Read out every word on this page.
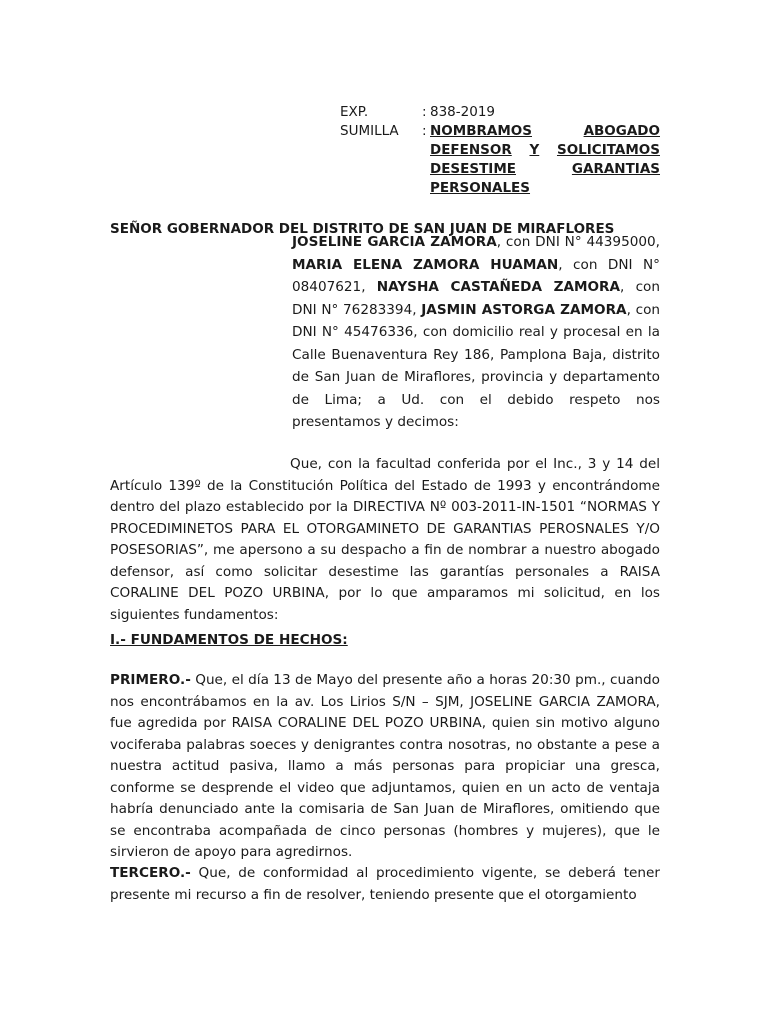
EXP.	: 838-2019
SUMILLA	: NOMBRAMOS	ABOGADO
DEFENSOR Y SOLICITAMOS
DESESTIME	GARANTIAS
PERSONALES
SEÑOR GOBERNADOR DEL DISTRITO DE SAN JUAN DE MIRAFLORES
JOSELINE GARCIA ZAMORA, con DNI N° 44395000, MARIA ELENA ZAMORA HUAMAN, con DNI N° 08407621, NAYSHA CASTAÑEDA ZAMORA, con DNI N° 76283394, JASMIN ASTORGA ZAMORA, con DNI N° 45476336, con domicilio real y procesal en la Calle Buenaventura Rey 186, Pamplona Baja, distrito de San Juan de Miraflores, provincia y departamento de Lima; a Ud. con el debido respeto nos presentamos y decimos:
Que, con la facultad conferida por el Inc., 3 y 14 del Artículo 139º de la Constitución Política del Estado de 1993 y encontrándome dentro del plazo establecido por la DIRECTIVA Nº 003-2011-IN-1501 “NORMAS Y PROCEDIMINETOS PARA EL OTORGAMINETO DE GARANTIAS PEROSNALES Y/O POSESORIAS”, me apersono a su despacho a fin de nombrar a nuestro abogado defensor, así como solicitar desestime las garantías personales a RAISA CORALINE DEL POZO URBINA, por lo que amparamos mi solicitud, en los siguientes fundamentos:
I.- FUNDAMENTOS DE HECHOS:
PRIMERO.- Que, el día 13 de Mayo del presente año a horas 20:30 pm., cuando nos encontrábamos en la av. Los Lirios S/N – SJM, JOSELINE GARCIA ZAMORA, fue agredida por RAISA CORALINE DEL POZO URBINA, quien sin motivo alguno vociferaba palabras soeces y denigrantes contra nosotras, no obstante a pese a nuestra actitud pasiva, llamo a más personas para propiciar una gresca, conforme se desprende el video que adjuntamos, quien en un acto de ventaja habría denunciado ante la comisaria de San Juan de Miraflores, omitiendo que se encontraba acompañada de cinco personas (hombres y mujeres), que le sirvieron de apoyo para agredirnos.
TERCERO.- Que, de conformidad al procedimiento vigente, se deberá tener presente mi recurso a fin de resolver, teniendo presente que el otorgamiento
